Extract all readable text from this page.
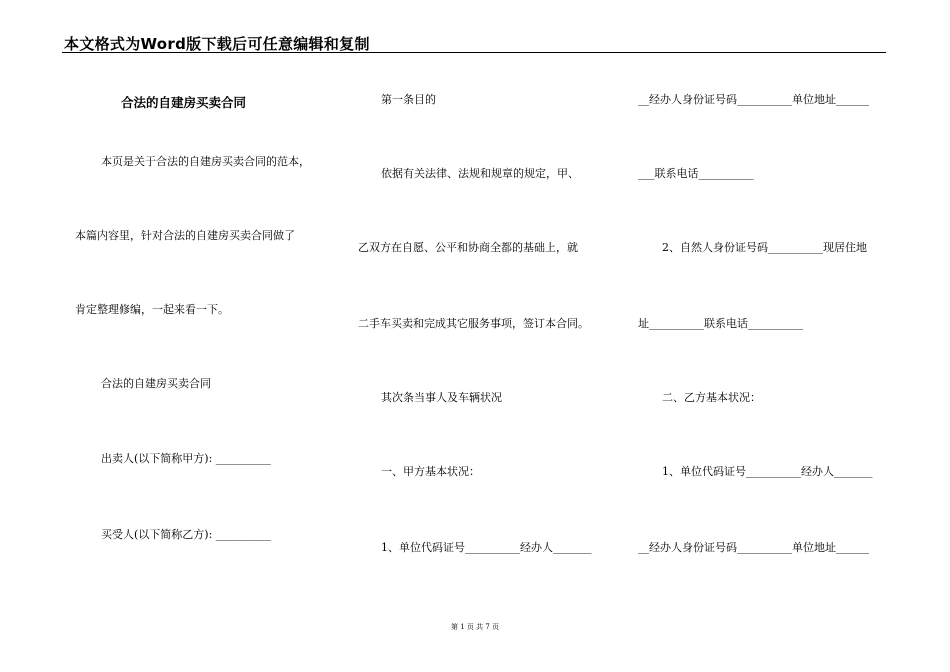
本文格式为Word版下载后可任意编辑和复制
合法的自建房买卖合同
本页是关于合法的自建房买卖合同的范本，
本篇内容里，针对合法的自建房买卖合同做了
肯定整理修编，一起来看一下。
合法的自建房买卖合同
出卖人(以下简称甲方): __________
买受人(以下简称乙方): __________
第一条目的
依据有关法律、法规和规章的规定，甲、
乙双方在自愿、公平和协商全都的基础上，就
二手车买卖和完成其它服务事项，签订本合同。
其次条当事人及车辆状况
一、甲方基本状况：
1、单位代码证号__________经办人_______
__经办人身份证号码__________单位地址______
___联系电话__________
2、自然人身份证号码__________现居住地
址__________联系电话__________
二、乙方基本状况：
1、单位代码证号__________经办人_______
__经办人身份证号码__________单位地址______
第 1 页 共 7 页
